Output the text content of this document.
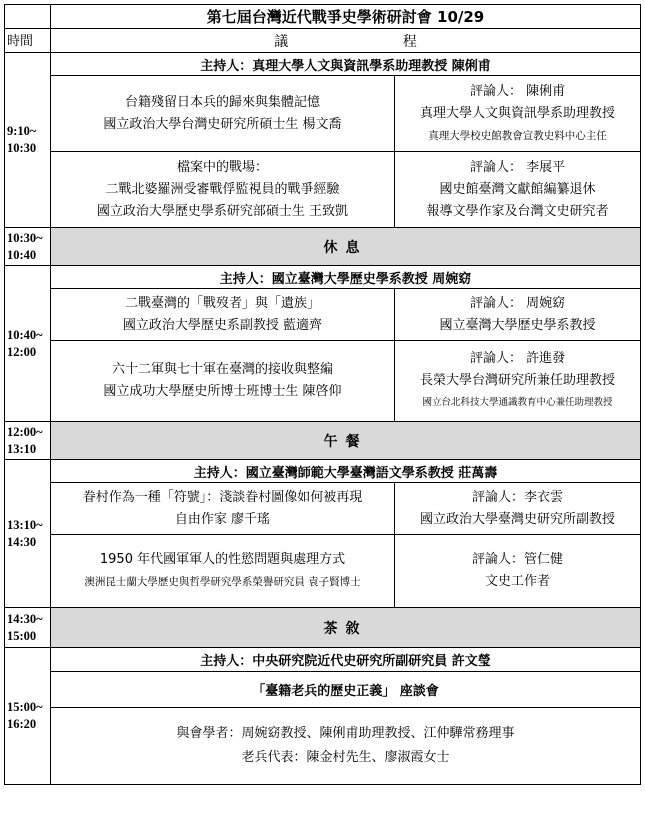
	第七屆台灣近代戰爭史學術研討會 10/29	
時間	議 程	

9:10~
10:30	主持人：真理大學人文與資訊學系助理教授 陳俐甫	

	台籍殘留日本兵的歸來與集體記憶
國立政治大學台灣史研究所碩士生 楊文喬	評論人： 陳俐甫
真理大學人文與資訊學系助理教授
真理大學校史館教會宣教史料中心主任

	檔案中的戰場：
二戰北婆羅洲受審戰俘監視員的戰爭經驗
國立政治大學歷史學系研究部碩士生 王致凱	評論人： 李展平
國史館臺灣文獻館編纂退休
報導文學作家及台灣文史研究者

10:30~
10:40	休息	

10:40~
12:00	主持人：國立臺灣大學歷史學系教授 周婉窈	

	二戰臺灣的「戰歿者」與「遺族」
國立政治大學歷史系副教授 藍適齊	評論人： 周婉窈
國立臺灣大學歷史學系教授

	六十二軍與七十軍在臺灣的接收與整編
國立成功大學歷史所博士班博士生 陳啓仰	評論人： 許進發
長榮大學台灣研究所兼任助理教授
國立台北科技大學通識教育中心兼任助理教授

12:00~
13:10	午餐	

13:10~
14:30	主持人：國立臺灣師範大學臺灣語文學系教授 莊萬壽	

	眷村作為一種「符號」：淺談眷村圖像如何被再現
自由作家 廖千瑤	評論人：李衣雲
國立政治大學臺灣史研究所副教授

	1950 年代國軍軍人的性慾問題與處理方式
澳洲昆士蘭大學歷史與哲學研究學系榮譽研究員 袁子賢博士	評論人：管仁健
文史工作者

14:30~
15:00	茶敘	

15:00~
16:20	主持人：中央研究院近代史研究所副研究員 許文瑩	
	「臺籍老兵的歷史正義」 座談會	

	與會學者：周婉窈教授、陳俐甫助理教授、江仲驊常務理事
老兵代表：陳金村先生、廖淑霞女士	
